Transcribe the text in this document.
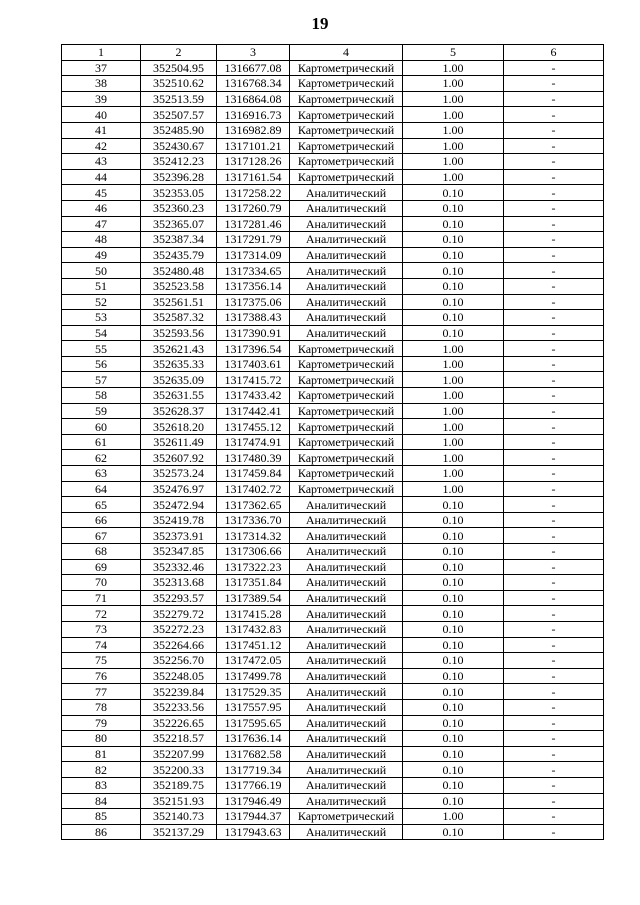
19
1	2	3	4	5	6
37	352504.95	1316677.08	Картометрический	1.00	-
38	352510.62	1316768.34	Картометрический	1.00	-
39	352513.59	1316864.08	Картометрический	1.00	-
40	352507.57	1316916.73	Картометрический	1.00	-
41	352485.90	1316982.89	Картометрический	1.00	-
42	352430.67	1317101.21	Картометрический	1.00	-
43	352412.23	1317128.26	Картометрический	1.00	-
44	352396.28	1317161.54	Картометрический	1.00	-
45	352353.05	1317258.22	Аналитический	0.10	-
46	352360.23	1317260.79	Аналитический	0.10	-
47	352365.07	1317281.46	Аналитический	0.10	-
48	352387.34	1317291.79	Аналитический	0.10	-
49	352435.79	1317314.09	Аналитический	0.10	-
50	352480.48	1317334.65	Аналитический	0.10	-
51	352523.58	1317356.14	Аналитический	0.10	-
52	352561.51	1317375.06	Аналитический	0.10	-
53	352587.32	1317388.43	Аналитический	0.10	-
54	352593.56	1317390.91	Аналитический	0.10	-
55	352621.43	1317396.54	Картометрический	1.00	-
56	352635.33	1317403.61	Картометрический	1.00	-
57	352635.09	1317415.72	Картометрический	1.00	-
58	352631.55	1317433.42	Картометрический	1.00	-
59	352628.37	1317442.41	Картометрический	1.00	-
60	352618.20	1317455.12	Картометрический	1.00	-
61	352611.49	1317474.91	Картометрический	1.00	-
62	352607.92	1317480.39	Картометрический	1.00	-
63	352573.24	1317459.84	Картометрический	1.00	-
64	352476.97	1317402.72	Картометрический	1.00	-
65	352472.94	1317362.65	Аналитический	0.10	-
66	352419.78	1317336.70	Аналитический	0.10	-
67	352373.91	1317314.32	Аналитический	0.10	-
68	352347.85	1317306.66	Аналитический	0.10	-
69	352332.46	1317322.23	Аналитический	0.10	-
70	352313.68	1317351.84	Аналитический	0.10	-
71	352293.57	1317389.54	Аналитический	0.10	-
72	352279.72	1317415.28	Аналитический	0.10	-
73	352272.23	1317432.83	Аналитический	0.10	-
74	352264.66	1317451.12	Аналитический	0.10	-
75	352256.70	1317472.05	Аналитический	0.10	-
76	352248.05	1317499.78	Аналитический	0.10	-
77	352239.84	1317529.35	Аналитический	0.10	-
78	352233.56	1317557.95	Аналитический	0.10	-
79	352226.65	1317595.65	Аналитический	0.10	-
80	352218.57	1317636.14	Аналитический	0.10	-
81	352207.99	1317682.58	Аналитический	0.10	-
82	352200.33	1317719.34	Аналитический	0.10	-
83	352189.75	1317766.19	Аналитический	0.10	-
84	352151.93	1317946.49	Аналитический	0.10	-
85	352140.73	1317944.37	Картометрический	1.00	-
86	352137.29	1317943.63	Аналитический	0.10	-
